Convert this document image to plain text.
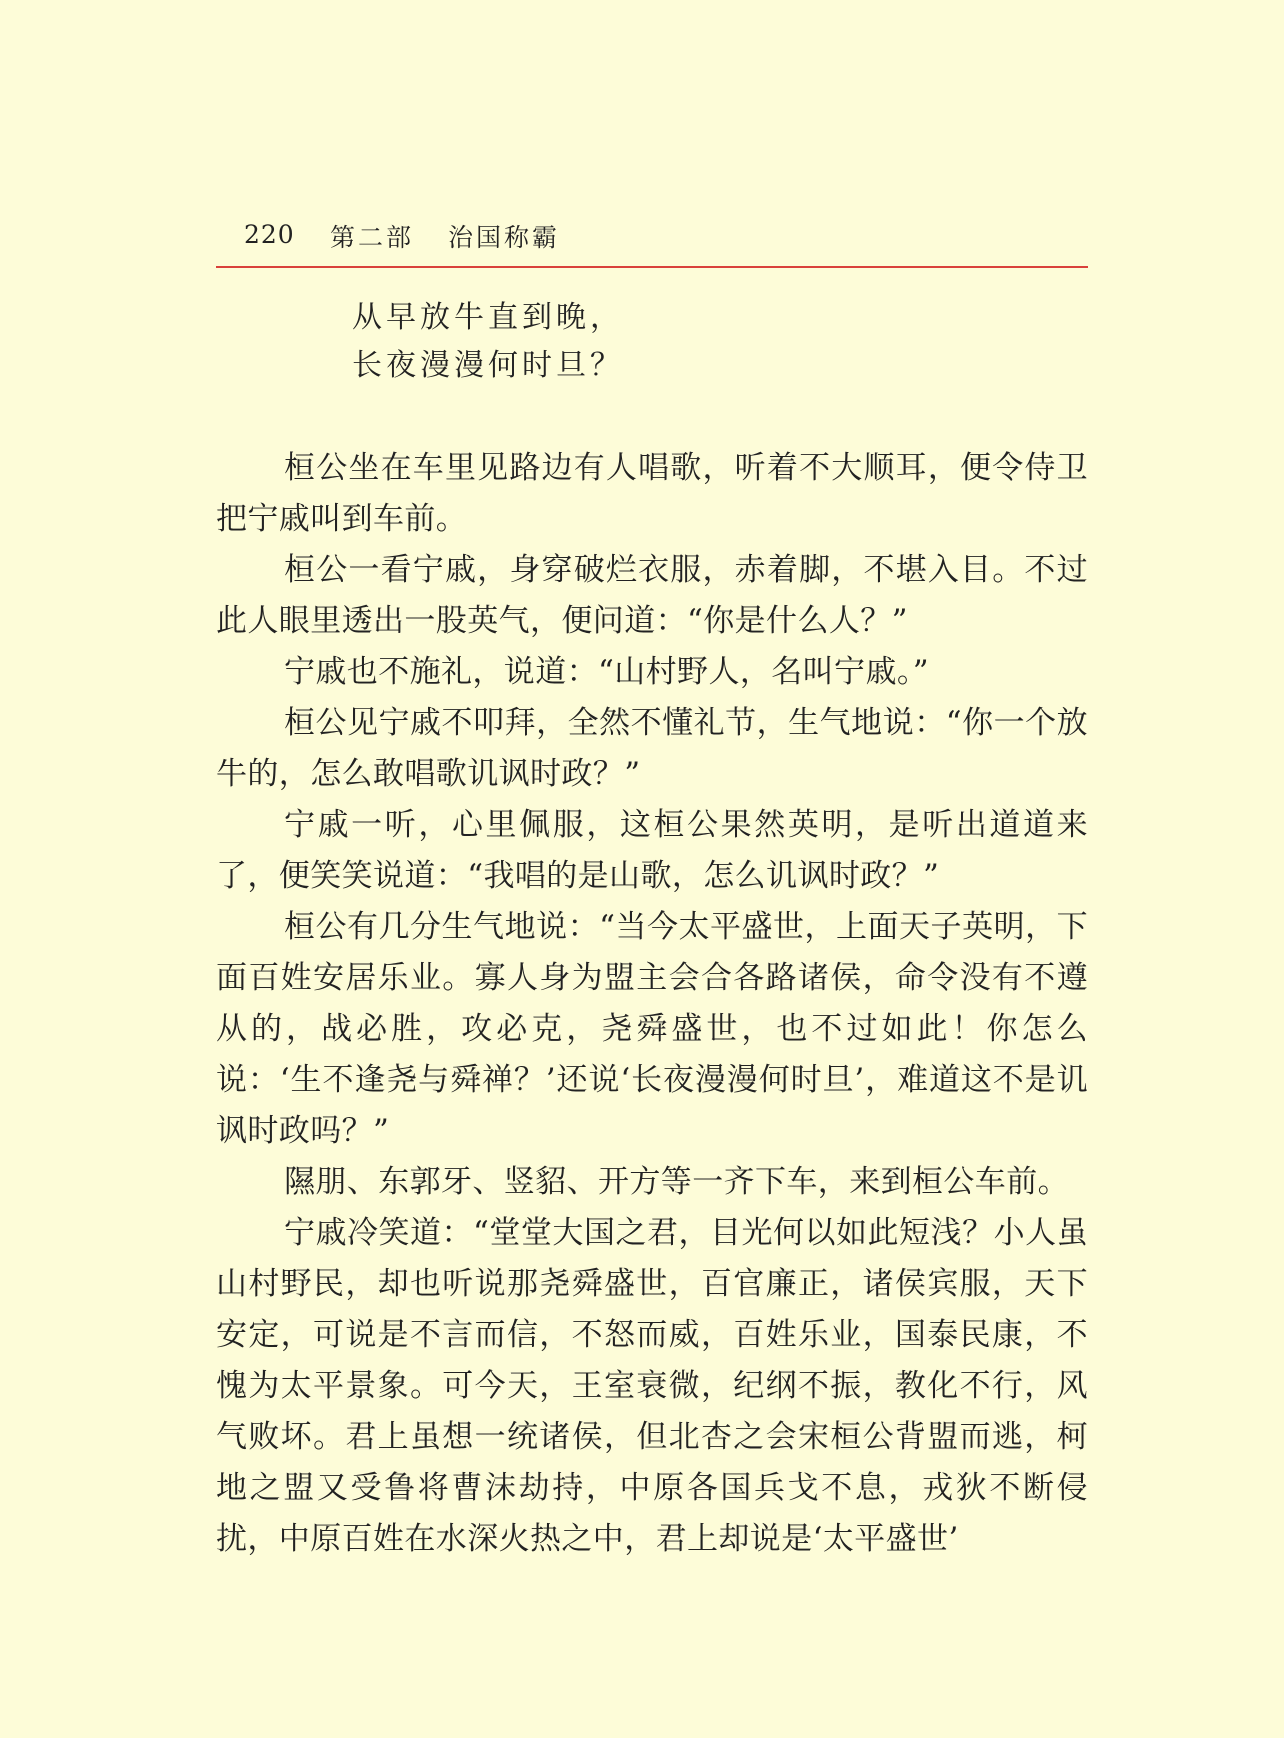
220 第二部 治国称霸
从早放牛直到晚，
长夜漫漫何时旦？

桓公坐在车里见路边有人唱歌，听着不大顺耳，便令侍卫把宁戚叫到车前。

桓公一看宁戚，身穿破烂衣服，赤着脚，不堪入目。不过此人眼里透出一股英气，便问道：“你是什么人？”

宁戚也不施礼，说道：“山村野人，名叫宁戚。”

桓公见宁戚不叩拜，全然不懂礼节，生气地说：“你一个放牛的，怎么敢唱歌讥讽时政？”

宁戚一听，心里佩服，这桓公果然英明，是听出道道来了，便笑笑说道：“我唱的是山歌，怎么讥讽时政？”

桓公有几分生气地说：“当今太平盛世，上面天子英明，下面百姓安居乐业。寡人身为盟主会合各路诸侯，命令没有不遵从的，战必胜，攻必克，尧舜盛世，也不过如此！你怎么说：‘生不逢尧与舜禅？’还说‘长夜漫漫何时旦’，难道这不是讥讽时政吗？”

隰朋、东郭牙、竖貂、开方等一齐下车，来到桓公车前。

宁戚冷笑道：“堂堂大国之君，目光何以如此短浅？小人虽山村野民，却也听说那尧舜盛世，百官廉正，诸侯宾服，天下安定，可说是不言而信，不怒而威，百姓乐业，国泰民康，不愧为太平景象。可今天，王室衰微，纪纲不振，教化不行，风气败坏。君上虽想一统诸侯，但北杏之会宋桓公背盟而逃，柯地之盟又受鲁将曹沫劫持，中原各国兵戈不息，戎狄不断侵扰，中原百姓在水深火热之中，君上却说是‘太平盛世’
